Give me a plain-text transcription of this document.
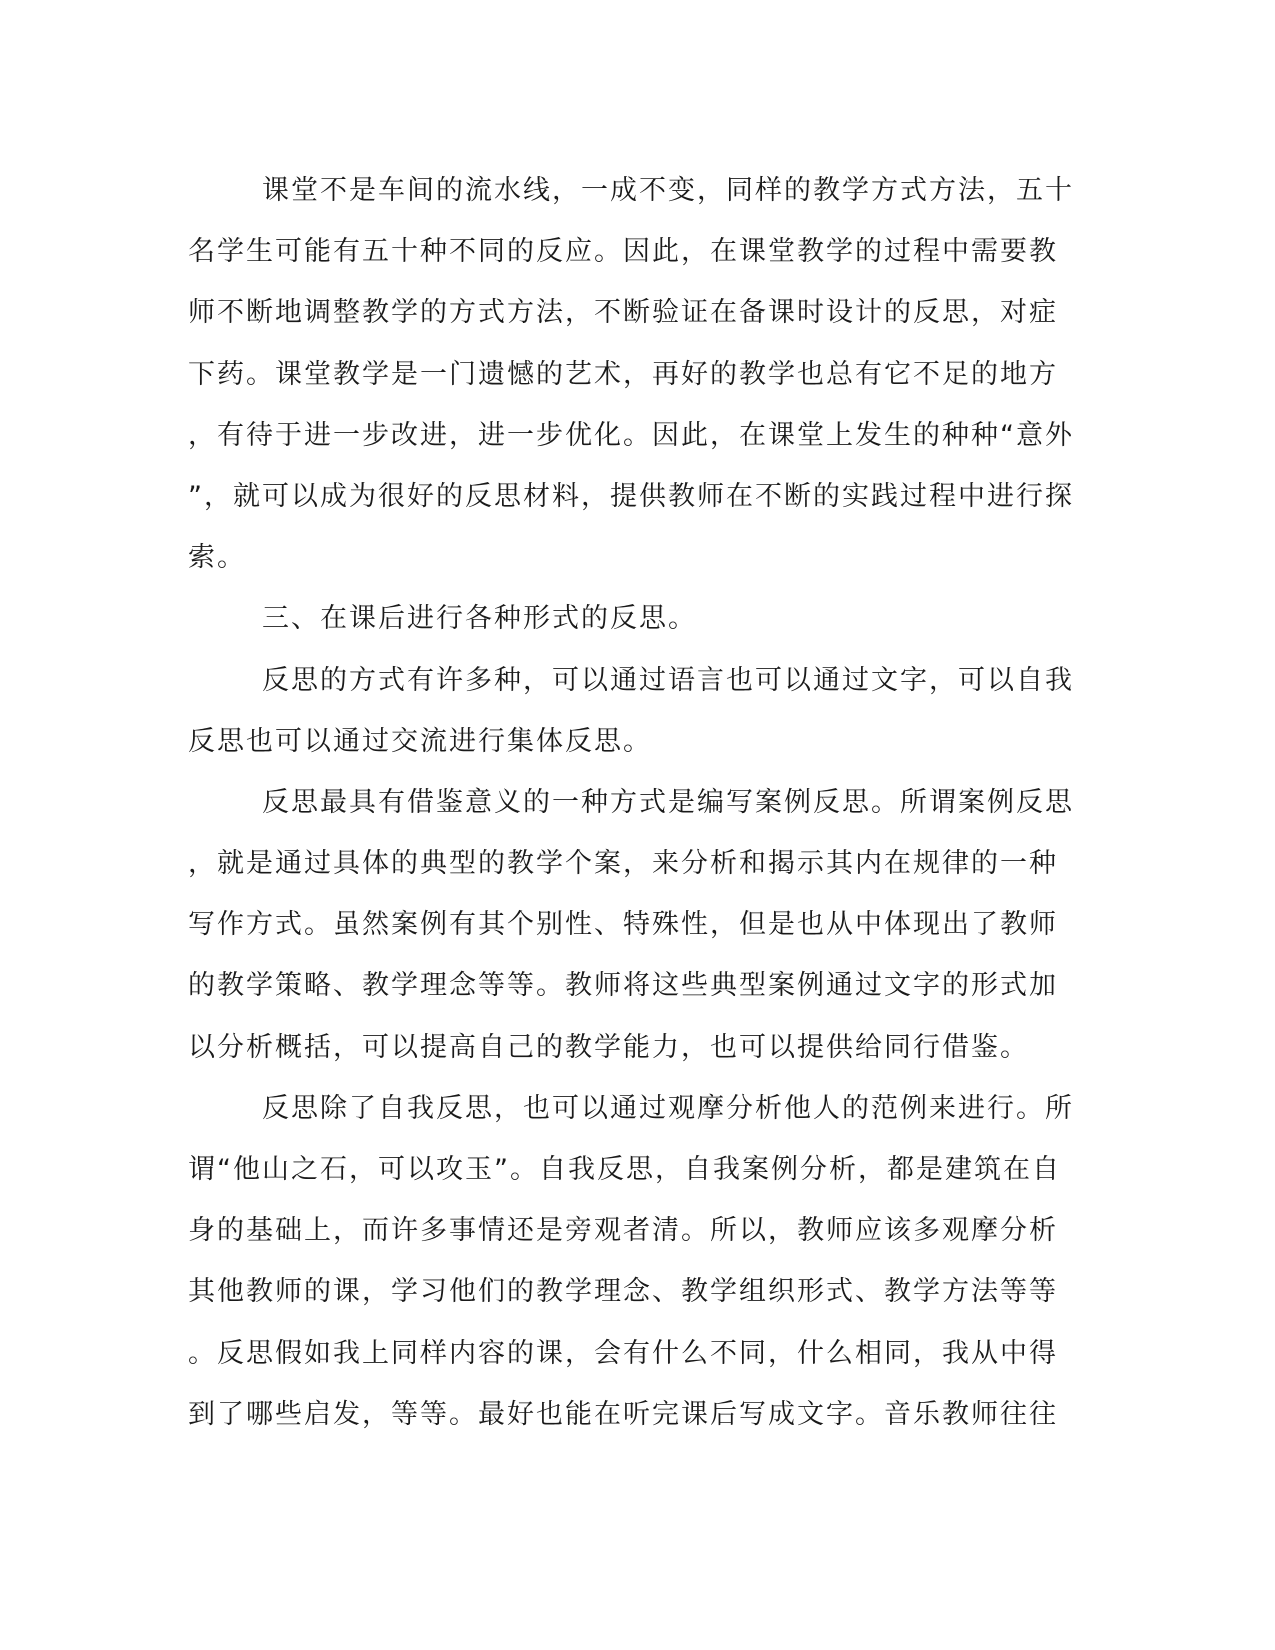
课堂不是车间的流水线，一成不变，同样的教学方式方法，五十
名学生可能有五十种不同的反应。因此，在课堂教学的过程中需要教
师不断地调整教学的方式方法，不断验证在备课时设计的反思，对症
下药。课堂教学是一门遗憾的艺术，再好的教学也总有它不足的地方
，有待于进一步改进，进一步优化。因此，在课堂上发生的种种“意外
”，就可以成为很好的反思材料，提供教师在不断的实践过程中进行探
索。
三、在课后进行各种形式的反思。
反思的方式有许多种，可以通过语言也可以通过文字，可以自我
反思也可以通过交流进行集体反思。
反思最具有借鉴意义的一种方式是编写案例反思。所谓案例反思
，就是通过具体的典型的教学个案，来分析和揭示其内在规律的一种
写作方式。虽然案例有其个别性、特殊性，但是也从中体现出了教师
的教学策略、教学理念等等。教师将这些典型案例通过文字的形式加
以分析概括，可以提高自己的教学能力，也可以提供给同行借鉴。
反思除了自我反思，也可以通过观摩分析他人的范例来进行。所
谓“他山之石，可以攻玉”。自我反思，自我案例分析，都是建筑在自
身的基础上，而许多事情还是旁观者清。所以，教师应该多观摩分析
其他教师的课，学习他们的教学理念、教学组织形式、教学方法等等
。反思假如我上同样内容的课，会有什么不同，什么相同，我从中得
到了哪些启发，等等。最好也能在听完课后写成文字。音乐教师往往
